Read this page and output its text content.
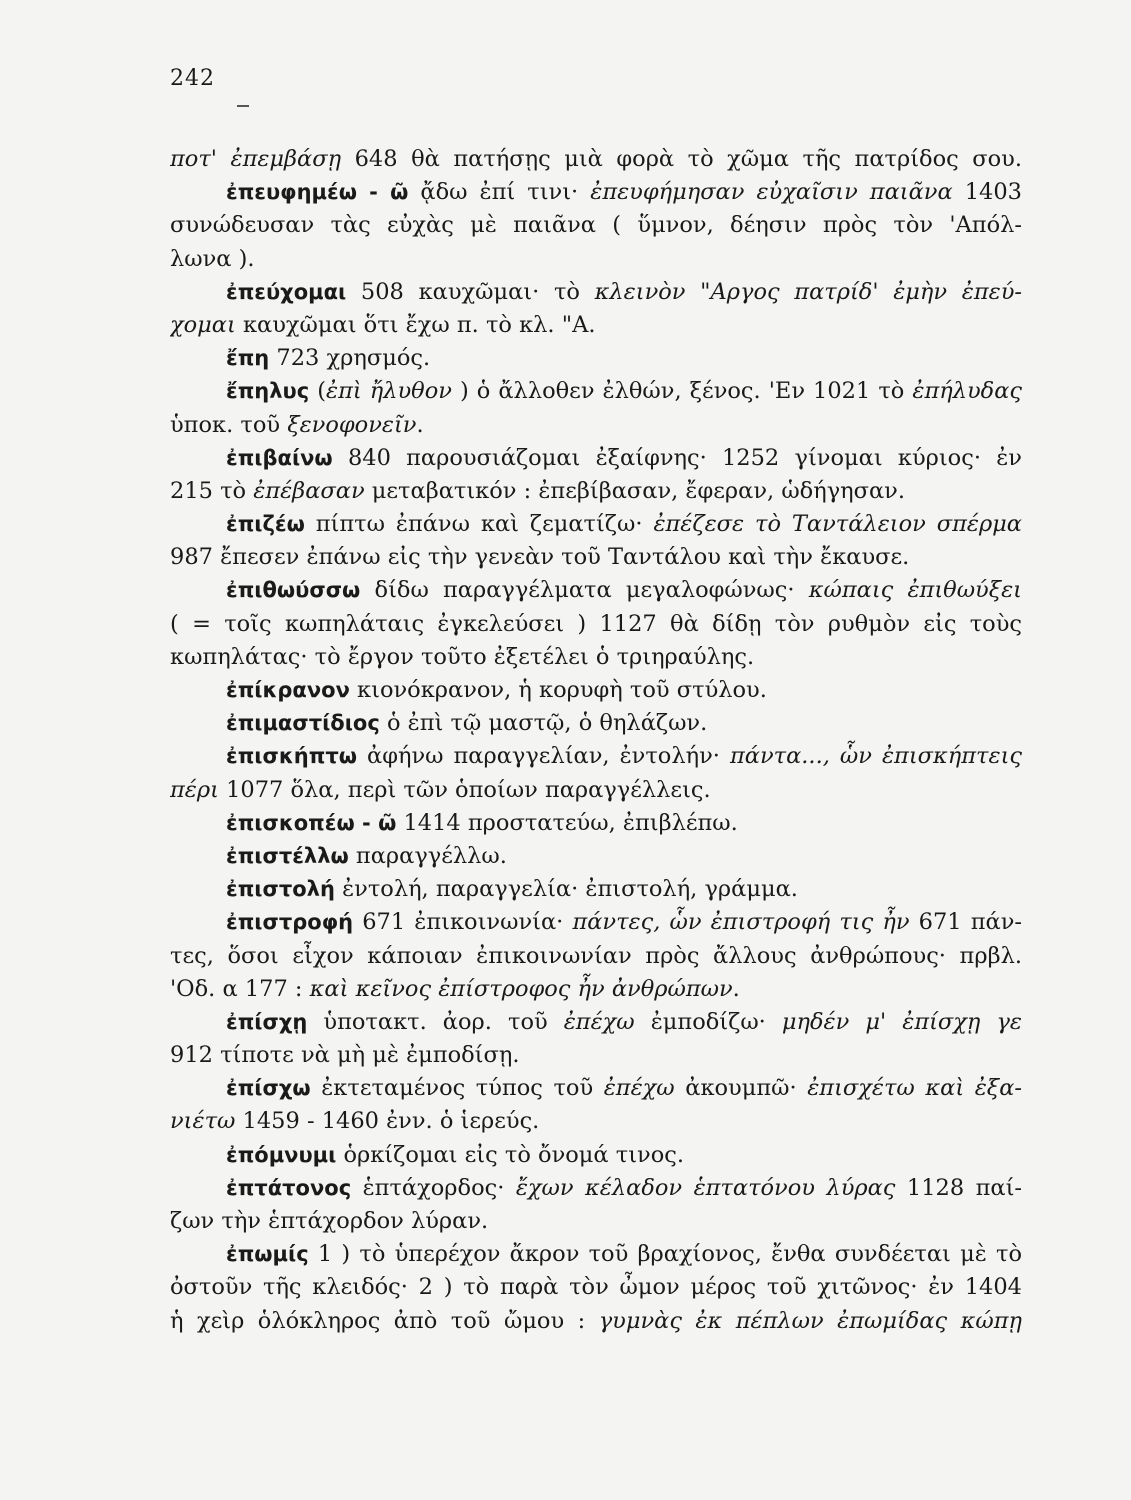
242
ποτ' ἐπεμβάσῃ 648 θὰ πατήσῃς μιὰ φορὰ τὸ χῶμα τῆς πατρίδος σου.
ἐπευφημέω - ῶ ᾄδω ἐπί τινι· ἐπευφήμησαν εὐχαῖσιν παιᾶνα 1403
συνώδευσαν τὰς εὐχὰς μὲ παιᾶνα ( ὕμνον, δέησιν πρὸς τὸν 'Απόλ-
λωνα ).
ἐπεύχομαι 508 καυχῶμαι· τὸ κλεινὸν "Αργος πατρίδ' ἐμὴν ἐπεύ-
χομαι καυχῶμαι ὅτι ἔχω π. τὸ κλ. "Α.
ἔπη 723 χρησμός.
ἔπηλυς (ἐπὶ ἤλυθον ) ὁ ἄλλοθεν ἐλθών, ξένος. 'Εν 1021 τὸ ἐπήλυδας
ὑποκ. τοῦ ξενοφονεῖν.
ἐπιβαίνω 840 παρουσιάζομαι ἐξαίφνης· 1252 γίνομαι κύριος· ἐν
215 τὸ ἐπέβασαν μεταβατικόν : ἐπεβίβασαν, ἔφεραν, ὡδήγησαν.
ἐπιζέω πίπτω ἐπάνω καὶ ζεματίζω· ἐπέζεσε τὸ Ταντάλειον σπέρμα
987 ἔπεσεν ἐπάνω εἰς τὴν γενεὰν τοῦ Ταντάλου καὶ τὴν ἔκαυσε.
ἐπιθωύσσω δίδω παραγγέλματα μεγαλοφώνως· κώπαις ἐπιθωύξει
( = τοῖς κωπηλάταις ἐγκελεύσει ) 1127 θὰ δίδῃ τὸν ρυθμὸν εἰς τοὺς
κωπηλάτας· τὸ ἔργον τοῦτο ἐξετέλει ὁ τριηραύλης.
ἐπίκρανον κιονόκρανον, ἡ κορυφὴ τοῦ στύλου.
ἐπιμαστίδιος ὁ ἐπὶ τῷ μαστῷ, ὁ θηλάζων.
ἐπισκήπτω ἀφήνω παραγγελίαν, ἐντολήν· πάντα..., ὧν ἐπισκήπτεις
πέρι 1077 ὅλα, περὶ τῶν ὁποίων παραγγέλλεις.
ἐπισκοπέω - ῶ 1414 προστατεύω, ἐπιβλέπω.
ἐπιστέλλω παραγγέλλω.
ἐπιστολή ἐντολή, παραγγελία· ἐπιστολή, γράμμα.
ἐπιστροφή 671 ἐπικοινωνία· πάντες, ὧν ἐπιστροφή τις ἦν 671 πάν-
τες, ὅσοι εἶχον κάποιαν ἐπικοινωνίαν πρὸς ἄλλους ἀνθρώπους· πρβλ.
'Οδ. α 177 : καὶ κεῖνος ἐπίστροφος ἦν ἀνθρώπων.
ἐπίσχῃ ὑποτακτ. ἀορ. τοῦ ἐπέχω ἐμποδίζω· μηδέν μ' ἐπίσχῃ γε
912 τίποτε νὰ μὴ μὲ ἐμποδίσῃ.
ἐπίσχω ἐκτεταμένος τύπος τοῦ ἐπέχω ἀκουμπῶ· ἐπισχέτω καὶ ἐξα-
νιέτω 1459 - 1460 ἐνν. ὁ ἱερεύς.
ἐπόμνυμι ὁρκίζομαι εἰς τὸ ὄνομά τινος.
ἐπτάτονος ἑπτάχορδος· ἔχων κέλαδον ἑπτατόνου λύρας 1128 παί-
ζων τὴν ἑπτάχορδον λύραν.
ἐπωμίς 1 ) τὸ ὑπερέχον ἄκρον τοῦ βραχίονος, ἔνθα συνδέεται μὲ τὸ
ὀστοῦν τῆς κλειδός· 2 ) τὸ παρὰ τὸν ὦμον μέρος τοῦ χιτῶνος· ἐν 1404
ἡ χεὶρ ὁλόκληρος ἀπὸ τοῦ ὤμου : γυμνὰς ἐκ πέπλων ἐπωμίδας κώπῃ
